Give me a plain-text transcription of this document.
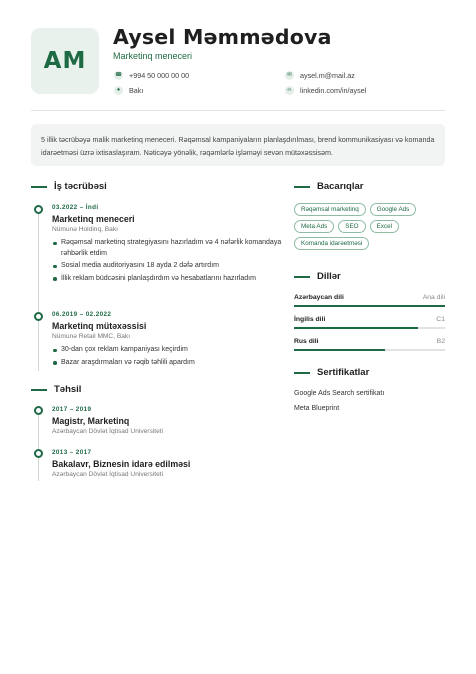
AM
Aysel Məmmədova
Marketinq meneceri
☎ +994 50 000 00 00
●	Bakı
✉	aysel.m@mail.az
∞	linkedin.com/in/aysel
5 illik təcrübəyə malik marketinq meneceri. Rəqəmsal kampaniyaların planlaşdırılması, brend kommunikasiyası və komanda idarəetməsi üzrə ixtisaslaşıram. Nəticəyə yönəlik, rəqəmlərlə işləməyi sevən mütəxəssisəm.
İş təcrübəsi
03.2022 – İndi
Marketinq meneceri
Nümunə Holdinq, Bakı
Rəqəmsal marketinq strategiyasını hazırladım və 4 nəfərlik komandaya rəhbərlik etdim
Sosial media auditoriyasını 18 ayda 2 dəfə artırdım
İllik reklam büdcəsini planlaşdırdım və hesabatlarını hazırladım
06.2019 – 02.2022
Marketinq mütəxəssisi
Nümunə Retail MMC, Bakı
30-dan çox reklam kampaniyası keçirdim
Bazar araşdırmaları və rəqib təhlili apardım
Təhsil
2017 – 2019
Magistr, Marketinq
Azərbaycan Dövlət İqtisad Universiteti
2013 – 2017
Bakalavr, Biznesin idarə edilməsi
Azərbaycan Dövlət İqtisad Universiteti
Bacarıqlar
Rəqəmsal marketinq	Google Ads
Meta Ads	SEO	Excel
Komanda idarəetməsi
Dillər
Azərbaycan dili	Ana dili
İngilis dili	C1
Rus dili	B2
Sertifikatlar
Google Ads Search sertifikatı
Meta Blueprint
